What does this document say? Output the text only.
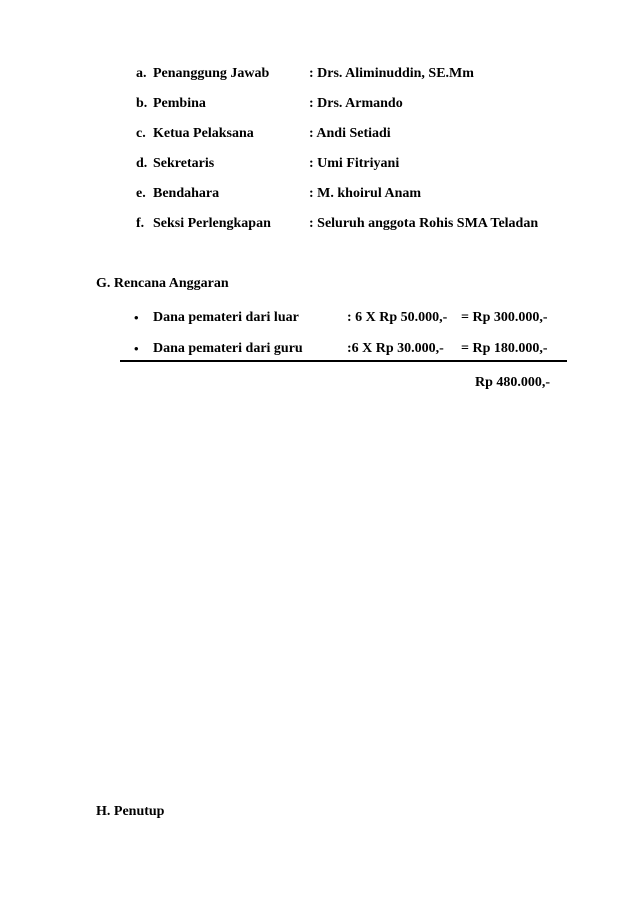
a. Penanggung Jawab	: Drs. Aliminuddin, SE.Mm
b. Pembina	: Drs. Armando
c. Ketua Pelaksana	: Andi Setiadi
d. Sekretaris	: Umi Fitriyani
e. Bendahara	: M. khoirul Anam
f. Seksi Perlengkapan	: Seluruh anggota Rohis SMA Teladan
G. Rencana Anggaran
• Dana pemateri dari luar	: 6 X Rp 50.000,- = Rp 300.000,-
• Dana pemateri dari guru	:6 X Rp 30.000,- = Rp 180.000,-
Rp 480.000,-
H. Penutup
